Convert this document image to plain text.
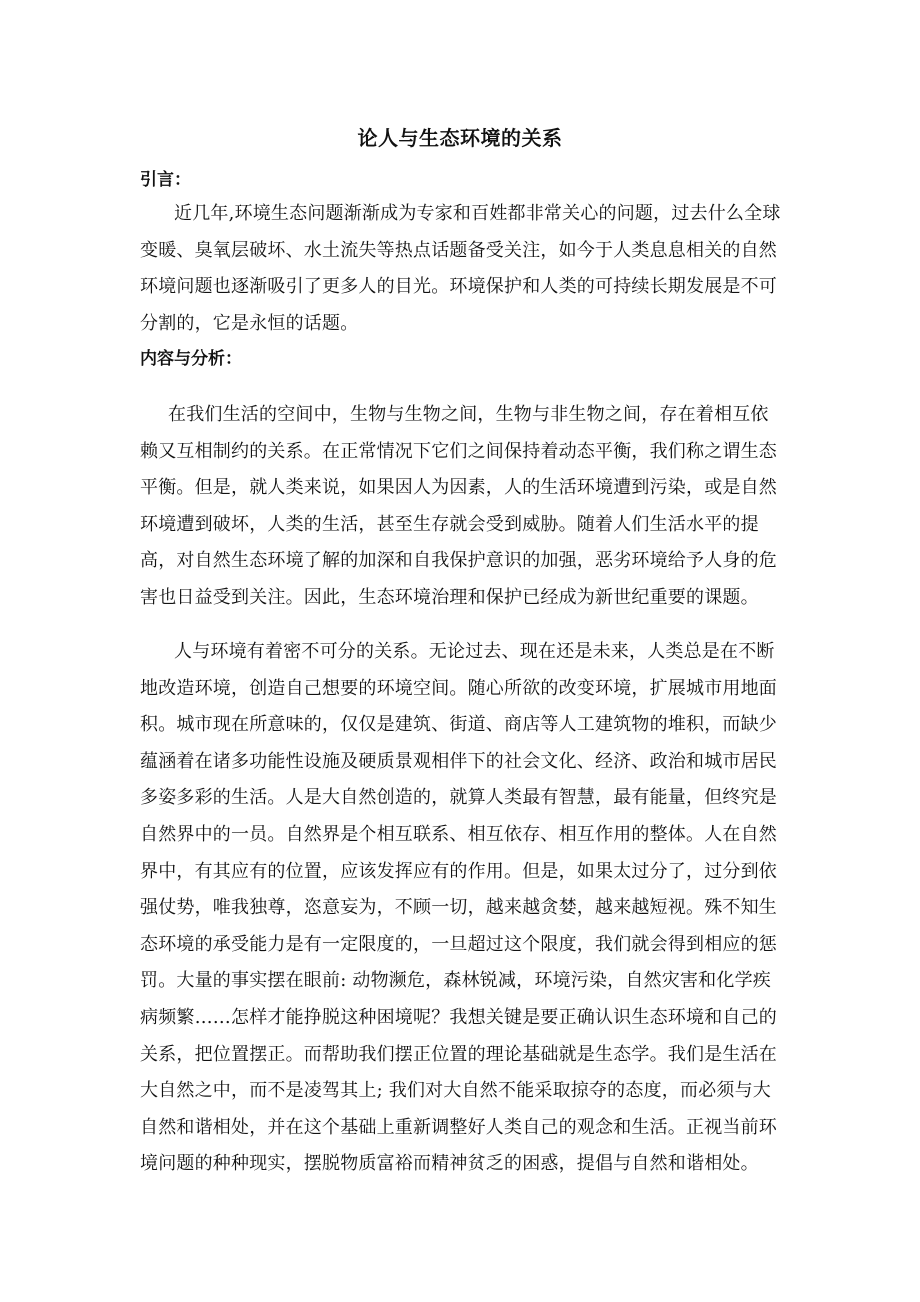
论人与生态环境的关系
引言：

近几年,环境生态问题渐渐成为专家和百姓都非常关心的问题，过去什么全球变暖、臭氧层破坏、水土流失等热点话题备受关注，如今于人类息息相关的自然环境问题也逐渐吸引了更多人的目光。环境保护和人类的可持续长期发展是不可分割的，它是永恒的话题。

内容与分析：

在我们生活的空间中，生物与生物之间，生物与非生物之间，存在着相互依赖又互相制约的关系。在正常情况下它们之间保持着动态平衡，我们称之谓生态平衡。但是，就人类来说，如果因人为因素，人的生活环境遭到污染，或是自然环境遭到破坏，人类的生活，甚至生存就会受到威胁。随着人们生活水平的提高，对自然生态环境了解的加深和自我保护意识的加强，恶劣环境给予人身的危害也日益受到关注。因此，生态环境治理和保护已经成为新世纪重要的课题。

人与环境有着密不可分的关系。无论过去、现在还是未来，人类总是在不断地改造环境，创造自己想要的环境空间。随心所欲的改变环境，扩展城市用地面积。城市现在所意味的，仅仅是建筑、街道、商店等人工建筑物的堆积，而缺少蕴涵着在诸多功能性设施及硬质景观相伴下的社会文化、经济、政治和城市居民多姿多彩的生活。人是大自然创造的，就算人类最有智慧，最有能量，但终究是自然界中的一员。自然界是个相互联系、相互依存、相互作用的整体。人在自然界中，有其应有的位置，应该发挥应有的作用。但是，如果太过分了，过分到依强仗势，唯我独尊，恣意妄为，不顾一切，越来越贪婪，越来越短视。殊不知生态环境的承受能力是有一定限度的，一旦超过这个限度，我们就会得到相应的惩罚。大量的事实摆在眼前: 动物濒危，森林锐减，环境污染，自然灾害和化学疾病频繁……怎样才能挣脱这种困境呢？我想关键是要正确认识生态环境和自己的关系，把位置摆正。而帮助我们摆正位置的理论基础就是生态学。我们是生活在大自然之中，而不是凌驾其上; 我们对大自然不能采取掠夺的态度，而必须与大自然和谐相处，并在这个基础上重新调整好人类自己的观念和生活。正视当前环境问题的种种现实，摆脱物质富裕而精神贫乏的困惑，提倡与自然和谐相处。
